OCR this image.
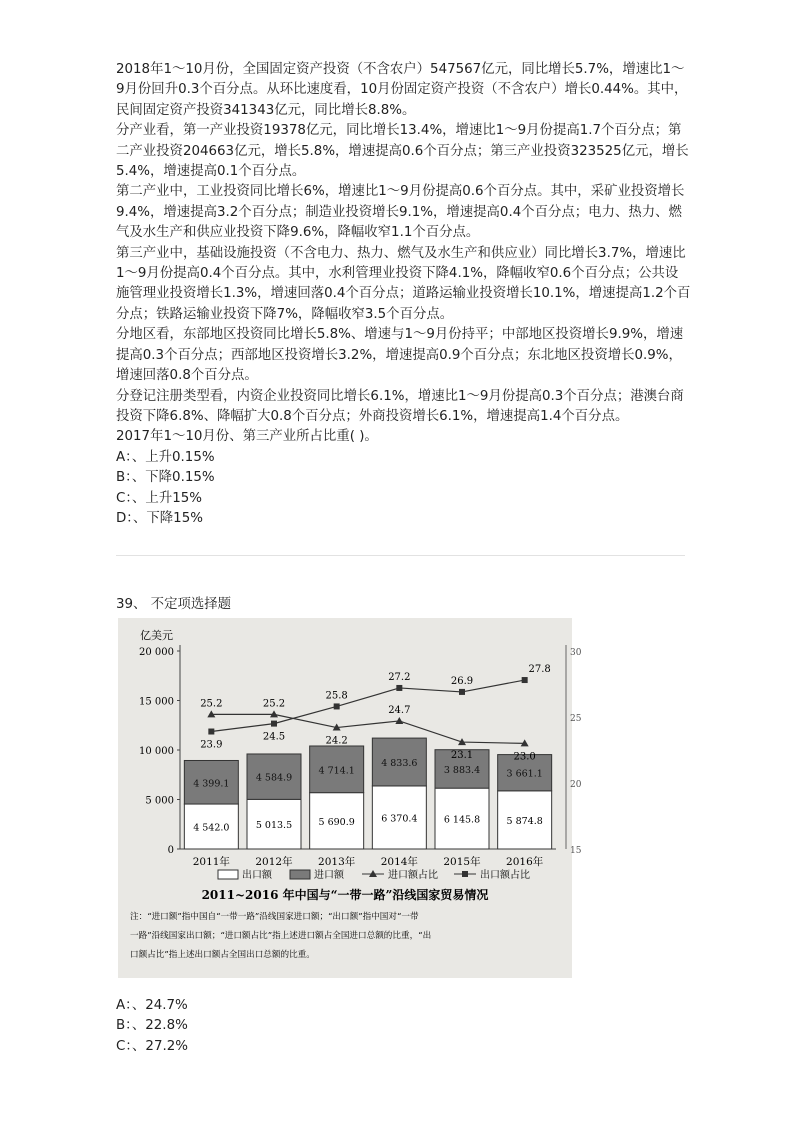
2018年1～10月份，全国固定资产投资（不含农户）547567亿元，同比增长5.7%，增速比1～9月份回升0.3个百分点。从环比速度看，10月份固定资产投资（不含农户）增长0.44%。其中，民间固定资产投资341343亿元，同比增长8.8%。

分产业看，第一产业投资19378亿元，同比增长13.4%，增速比1～9月份提高1.7个百分点；第二产业投资204663亿元，增长5.8%，增速提高0.6个百分点；第三产业投资323525亿元，增长5.4%，增速提高0.1个百分点。

第二产业中，工业投资同比增长6%，增速比1～9月份提高0.6个百分点。其中，采矿业投资增长9.4%，增速提高3.2个百分点；制造业投资增长9.1%，增速提高0.4个百分点；电力、热力、燃气及水生产和供应业投资下降9.6%，降幅收窄1.1个百分点。

第三产业中，基础设施投资（不含电力、热力、燃气及水生产和供应业）同比增长3.7%，增速比1～9月份提高0.4个百分点。其中，水利管理业投资下降4.1%，降幅收窄0.6个百分点；公共设施管理业投资增长1.3%，增速回落0.4个百分点；道路运输业投资增长10.1%，增速提高1.2个百分点；铁路运输业投资下降7%，降幅收窄3.5个百分点。

分地区看，东部地区投资同比增长5.8%、增速与1～9月份持平；中部地区投资增长9.9%，增速提高0.3个百分点；西部地区投资增长3.2%，增速提高0.9个百分点；东北地区投资增长0.9%，增速回落0.8个百分点。

分登记注册类型看，内资企业投资同比增长6.1%，增速比1～9月份提高0.3个百分点；港澳台商投资下降6.8%、降幅扩大0.8个百分点；外商投资增长6.1%，增速提高1.4个百分点。

2017年1～10月份、第三产业所占比重( )。

A：、上升0.15%

B：、下降0.15%

C：、上升15%

D：、下降15%

39、 不定项选择题
亿美元
0
5 000
10 000
15 000
20 000
15
20
25
30
4 542.0
4 399.1
2011年
5 013.5
4 584.9
2012年
5 690.9
4 714.1
2013年
6 370.4
4 833.6
2014年
6 145.8
3 883.4
2015年
5 874.8
3 661.1
2016年
25.2	25.2
24.2
24.7
23.1	23.0
23.9
24.5
25.8
27.2	26.9
27.8
出口额	进口额	进口额占比	出口额占比
2011~2016 年中国与“一带一路”沿线国家贸易情况
注：“进口额”指中国自“一带一路”沿线国家进口额；“出口额”指中国对“一带
一路”沿线国家出口额；“进口额占比”指上述进口额占全国进口总额的比重，“出
口额占比”指上述出口额占全国出口总额的比重。

A：、24.7%

B：、22.8%

C：、27.2%
